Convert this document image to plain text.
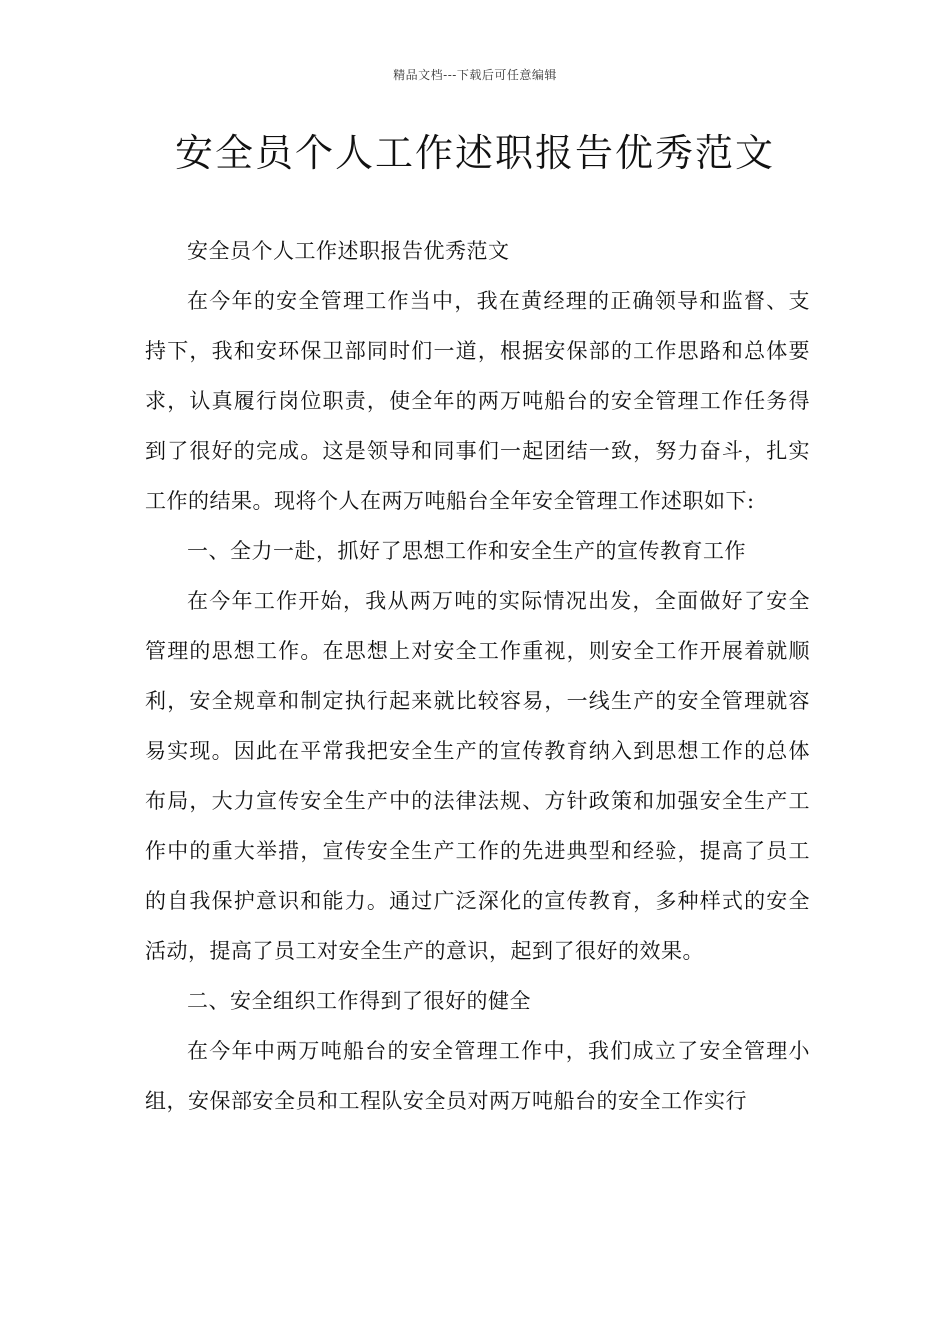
精品文档---下载后可任意编辑
安全员个人工作述职报告优秀范文

安全员个人工作述职报告优秀范文

在今年的安全管理工作当中，我在黄经理的正确领导和监督、支持下，我和安环保卫部同时们一道，根据安保部的工作思路和总体要求，认真履行岗位职责，使全年的两万吨船台的安全管理工作任务得到了很好的完成。这是领导和同事们一起团结一致，努力奋斗，扎实工作的结果。现将个人在两万吨船台全年安全管理工作述职如下:

一、全力一赴，抓好了思想工作和安全生产的宣传教育工作

在今年工作开始，我从两万吨的实际情况出发，全面做好了安全管理的思想工作。在思想上对安全工作重视，则安全工作开展着就顺利，安全规章和制定执行起来就比较容易，一线生产的安全管理就容易实现。因此在平常我把安全生产的宣传教育纳入到思想工作的总体布局，大力宣传安全生产中的法律法规、方针政策和加强安全生产工作中的重大举措，宣传安全生产工作的先进典型和经验，提高了员工的自我保护意识和能力。通过广泛深化的宣传教育，多种样式的安全活动，提高了员工对安全生产的意识，起到了很好的效果。

二、安全组织工作得到了很好的健全

在今年中两万吨船台的安全管理工作中，我们成立了安全管理小组，安保部安全员和工程队安全员对两万吨船台的安全工作实行
